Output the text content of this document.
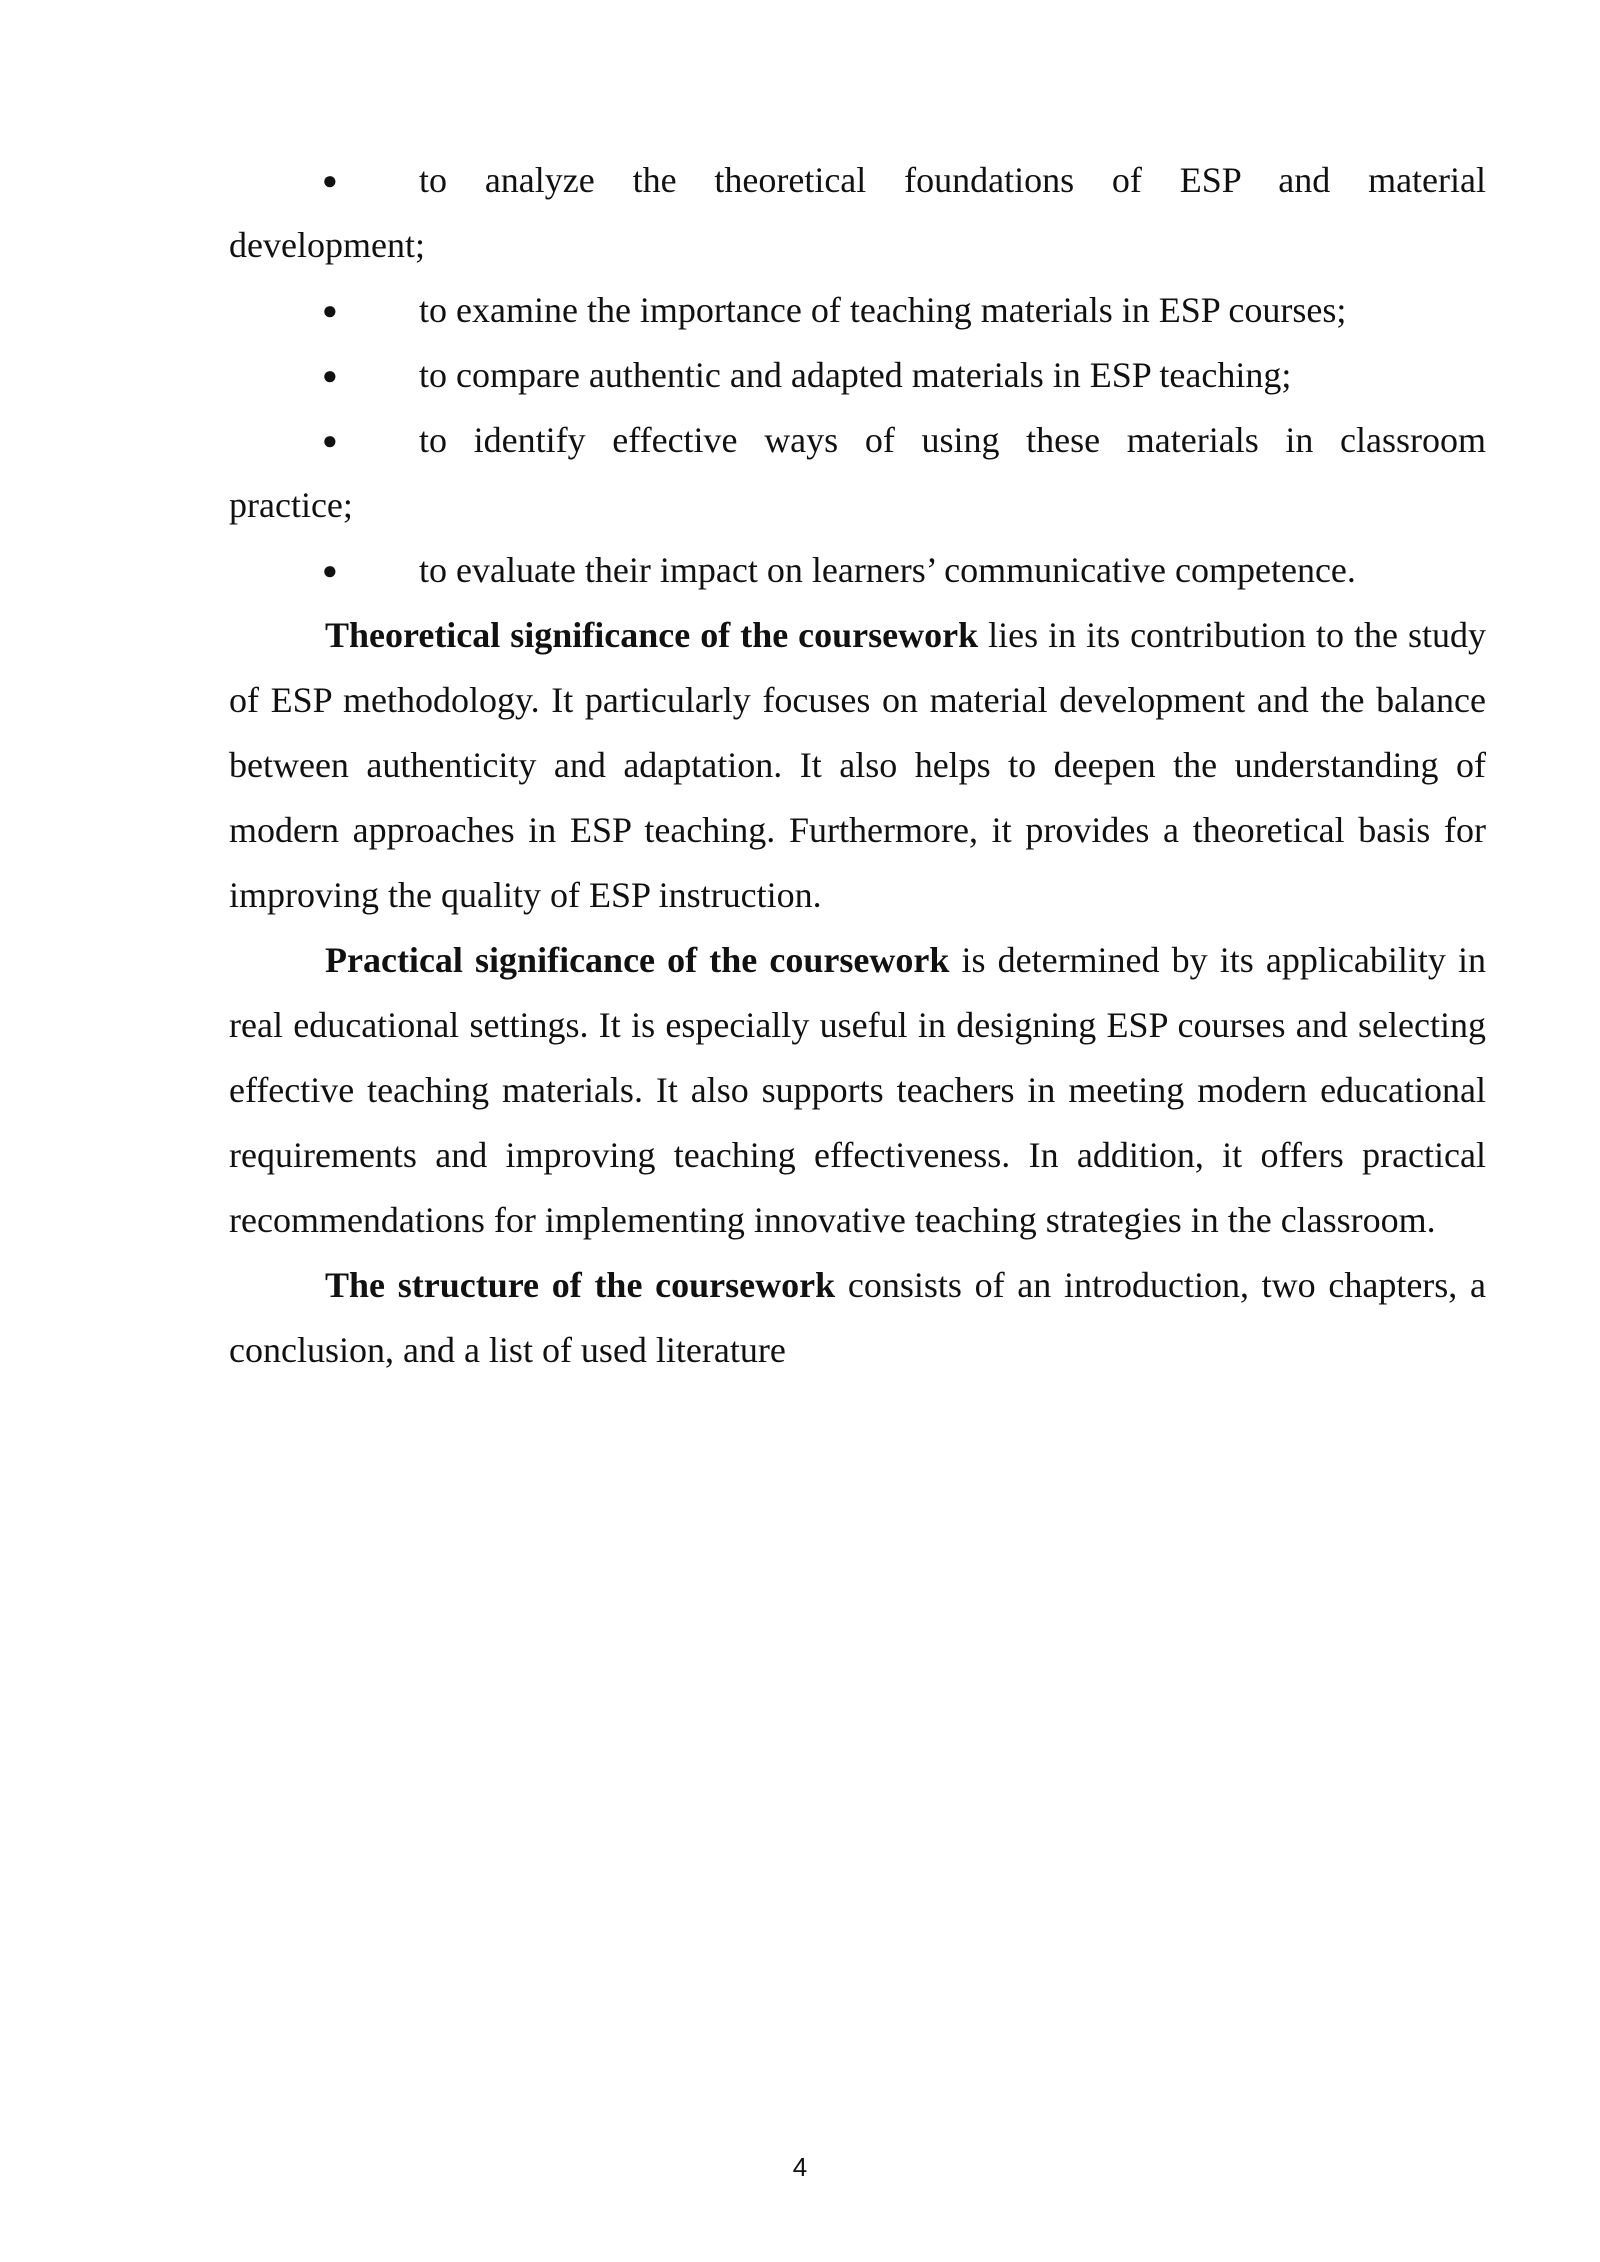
●	to analyze the theoretical foundations of ESP and material

development;

●	to examine the importance of teaching materials in ESP courses;

●	to compare authentic and adapted materials in ESP teaching;

●	to identify effective ways of using these materials in classroom

practice;

●	to evaluate their impact on learners’ communicative competence.

Theoretical significance of the coursework lies in its contribution to the study of ESP methodology. It particularly focuses on material development and the balance between authenticity and adaptation. It also helps to deepen the understanding of modern approaches in ESP teaching. Furthermore, it provides a theoretical basis for improving the quality of ESP instruction.

Practical significance of the coursework is determined by its applicability in real educational settings. It is especially useful in designing ESP courses and selecting effective teaching materials. It also supports teachers in meeting modern educational requirements and improving teaching effectiveness. In addition, it offers practical recommendations for implementing innovative teaching strategies in the classroom.

The structure of the coursework consists of an introduction, two chapters, a conclusion, and a list of used literature

4
